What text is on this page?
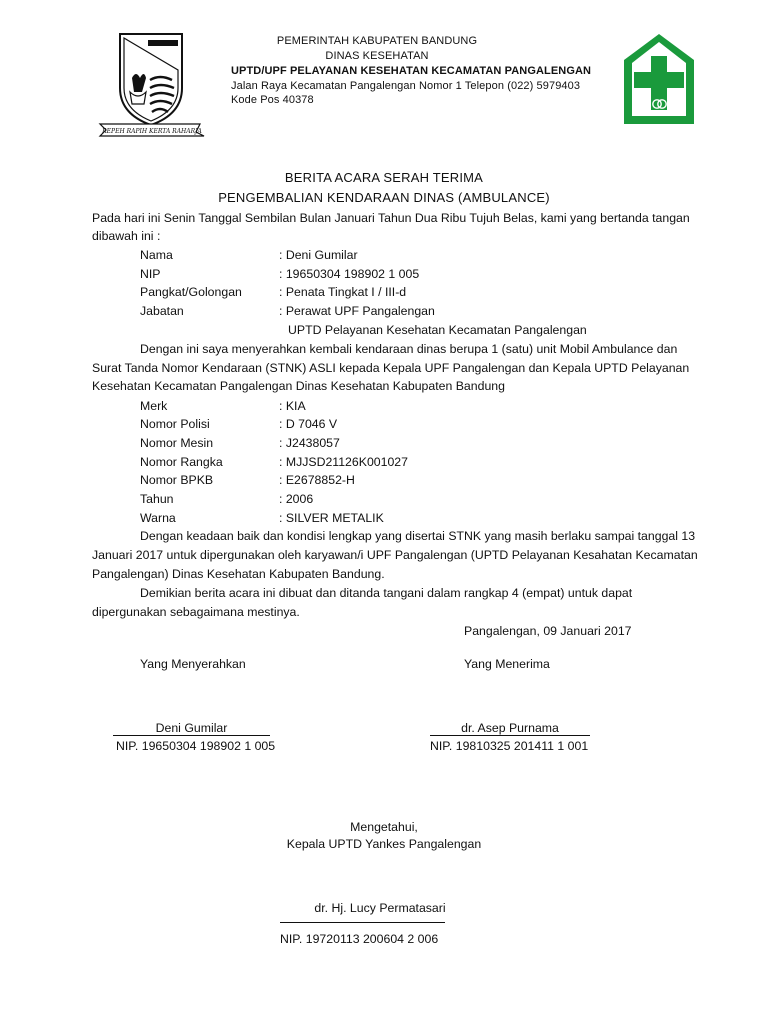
REPEH RAPIH KERTA RAHARJA
PEMERINTAH KABUPATEN BANDUNG
DINAS KESEHATAN
UPTD/UPF PELAYANAN KESEHATAN KECAMATAN PANGALENGAN
Jalan Raya Kecamatan Pangalengan Nomor 1 Telepon (022) 5979403
Kode Pos 40378
BERITA ACARA SERAH TERIMA
PENGEMBALIAN KENDARAAN DINAS (AMBULANCE)
Pada hari ini Senin Tanggal Sembilan Bulan Januari Tahun Dua Ribu Tujuh Belas, kami yang bertanda tangan
dibawah ini :
Nama	: Deni Gumilar
NIP	: 19650304 198902 1 005
Pangkat/Golongan	: Penata Tingkat I / III-d
Jabatan	: Perawat UPF Pangalengan
UPTD Pelayanan Kesehatan Kecamatan Pangalengan
Dengan ini saya menyerahkan kembali kendaraan dinas berupa 1 (satu) unit Mobil Ambulance dan
Surat Tanda Nomor Kendaraan (STNK) ASLI kepada Kepala UPF Pangalengan dan Kepala UPTD Pelayanan
Kesehatan Kecamatan Pangalengan Dinas Kesehatan Kabupaten Bandung
Merk	: KIA
Nomor Polisi	: D 7046 V
Nomor Mesin	: J2438057
Nomor Rangka	: MJJSD21126K001027
Nomor BPKB	: E2678852-H
Tahun	: 2006
Warna	: SILVER METALIK
Dengan keadaan baik dan kondisi lengkap yang disertai STNK yang masih berlaku sampai tanggal 13
Januari 2017 untuk dipergunakan oleh karyawan/i UPF Pangalengan (UPTD Pelayanan Kesahatan Kecamatan
Pangalengan) Dinas Kesehatan Kabupaten Bandung.
Demikian berita acara ini dibuat dan ditanda tangani dalam rangkap 4 (empat) untuk dapat
dipergunakan sebagaimana mestinya.
Pangalengan, 09 Januari 2017
Yang Menyerahkan	Yang Menerima
Deni Gumilar
NIP. 19650304 198902 1 005
dr. Asep Purnama
NIP. 19810325 201411 1 001
Mengetahui,
Kepala UPTD Yankes Pangalengan
dr. Hj. Lucy Permatasari
NIP. 19720113 200604 2 006
